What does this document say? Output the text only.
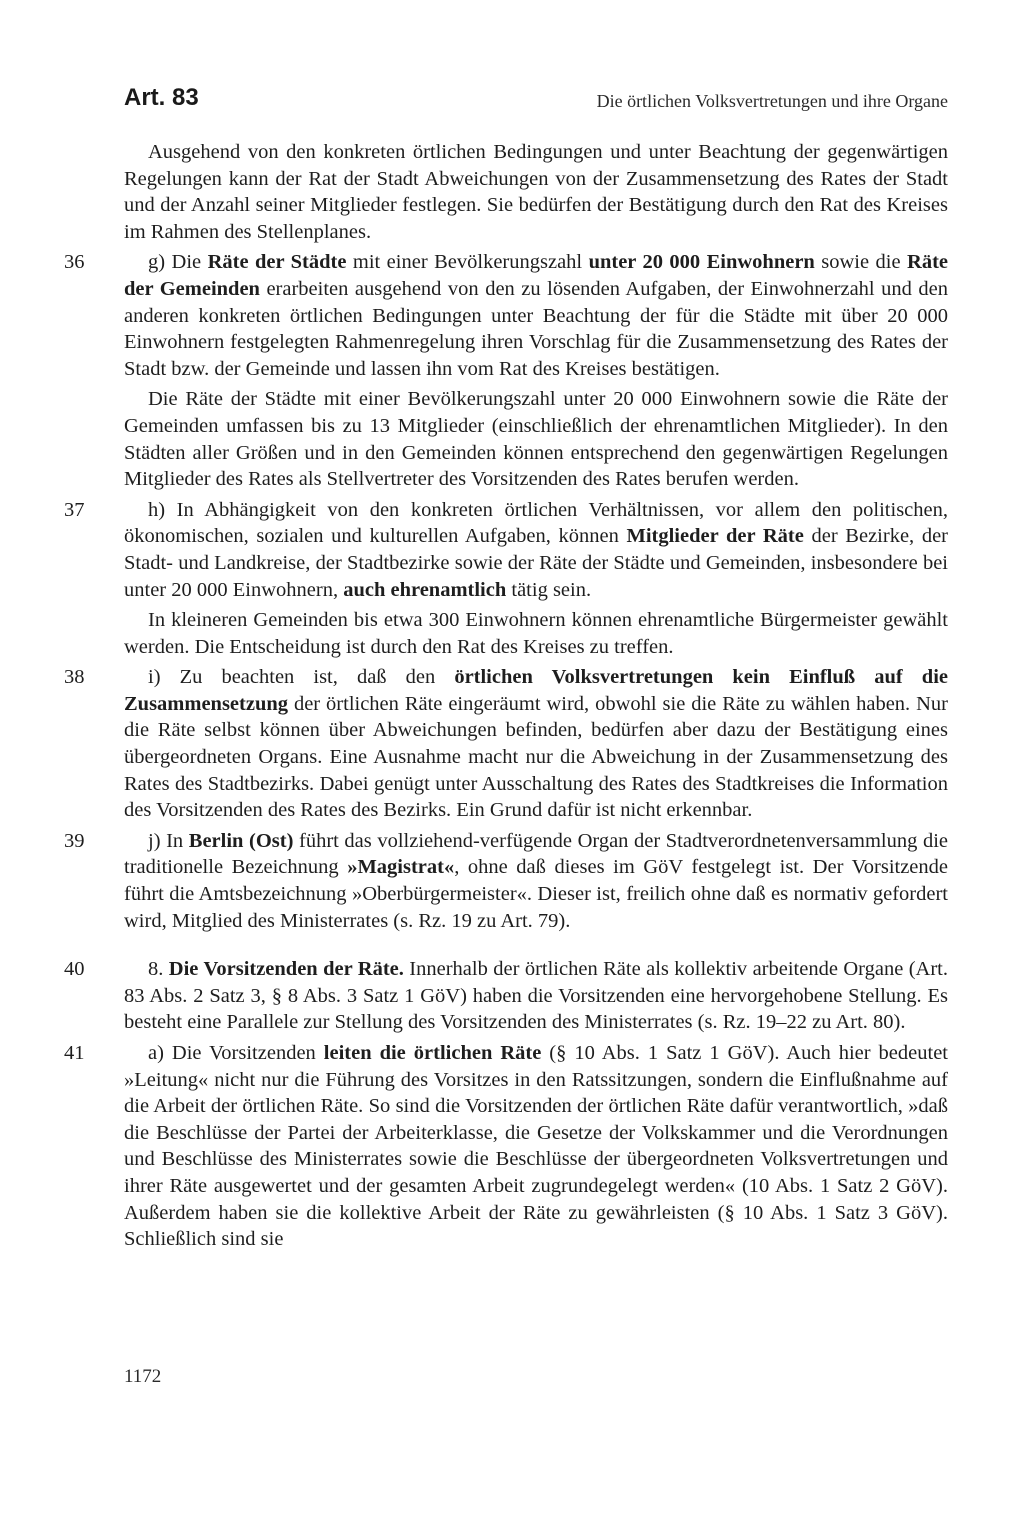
Art. 83	Die örtlichen Volksvertretungen und ihre Organe

Ausgehend von den konkreten örtlichen Bedingungen und unter Beachtung der gegenwärtigen Regelungen kann der Rat der Stadt Abweichungen von der Zusammensetzung des Rates der Stadt und der Anzahl seiner Mitglieder festlegen. Sie bedürfen der Bestätigung durch den Rat des Kreises im Rahmen des Stellenplanes.

36	g) Die Räte der Städte mit einer Bevölkerungszahl unter 20 000 Einwohnern sowie die Räte der Gemeinden erarbeiten ausgehend von den zu lösenden Aufgaben, der Einwohnerzahl und den anderen konkreten örtlichen Bedingungen unter Beachtung der für die Städte mit über 20 000 Einwohnern festgelegten Rahmenregelung ihren Vorschlag für die Zusammensetzung des Rates der Stadt bzw. der Gemeinde und lassen ihn vom Rat des Kreises bestätigen.

Die Räte der Städte mit einer Bevölkerungszahl unter 20 000 Einwohnern sowie die Räte der Gemeinden umfassen bis zu 13 Mitglieder (einschließlich der ehrenamtlichen Mitglieder). In den Städten aller Größen und in den Gemeinden können entsprechend den gegenwärtigen Regelungen Mitglieder des Rates als Stellvertreter des Vorsitzenden des Rates berufen werden.

37	h) In Abhängigkeit von den konkreten örtlichen Verhältnissen, vor allem den politischen, ökonomischen, sozialen und kulturellen Aufgaben, können Mitglieder der Räte der Bezirke, der Stadt- und Landkreise, der Stadtbezirke sowie der Räte der Städte und Gemeinden, insbesondere bei unter 20 000 Einwohnern, auch ehrenamtlich tätig sein.

In kleineren Gemeinden bis etwa 300 Einwohnern können ehrenamtliche Bürgermeister gewählt werden. Die Entscheidung ist durch den Rat des Kreises zu treffen.

38	i) Zu beachten ist, daß den örtlichen Volksvertretungen kein Einfluß auf die Zusammensetzung der örtlichen Räte eingeräumt wird, obwohl sie die Räte zu wählen haben. Nur die Räte selbst können über Abweichungen befinden, bedürfen aber dazu der Bestätigung eines übergeordneten Organs. Eine Ausnahme macht nur die Abweichung in der Zusammensetzung des Rates des Stadtbezirks. Dabei genügt unter Ausschaltung des Rates des Stadtkreises die Information des Vorsitzenden des Rates des Bezirks. Ein Grund dafür ist nicht erkennbar.

39	j) In Berlin (Ost) führt das vollziehend-verfügende Organ der Stadtverordnetenversammlung die traditionelle Bezeichnung »Magistrat«, ohne daß dieses im GöV festgelegt ist. Der Vorsitzende führt die Amtsbezeichnung »Oberbürgermeister«. Dieser ist, freilich ohne daß es normativ gefordert wird, Mitglied des Ministerrates (s. Rz. 19 zu Art. 79).

40	8. Die Vorsitzenden der Räte. Innerhalb der örtlichen Räte als kollektiv arbeitende Organe (Art. 83 Abs. 2 Satz 3, § 8 Abs. 3 Satz 1 GöV) haben die Vorsitzenden eine hervorgehobene Stellung. Es besteht eine Parallele zur Stellung des Vorsitzenden des Ministerrates (s. Rz. 19–22 zu Art. 80).

41	a) Die Vorsitzenden leiten die örtlichen Räte (§ 10 Abs. 1 Satz 1 GöV). Auch hier bedeutet »Leitung« nicht nur die Führung des Vorsitzes in den Ratssitzungen, sondern die Einflußnahme auf die Arbeit der örtlichen Räte. So sind die Vorsitzenden der örtlichen Räte dafür verantwortlich, »daß die Beschlüsse der Partei der Arbeiterklasse, die Gesetze der Volkskammer und die Verordnungen und Beschlüsse des Ministerrates sowie die Beschlüsse der übergeordneten Volksvertretungen und ihrer Räte ausgewertet und der gesamten Arbeit zugrundegelegt werden« (10 Abs. 1 Satz 2 GöV). Außerdem haben sie die kollektive Arbeit der Räte zu gewährleisten (§ 10 Abs. 1 Satz 3 GöV). Schließlich sind sie

1172
